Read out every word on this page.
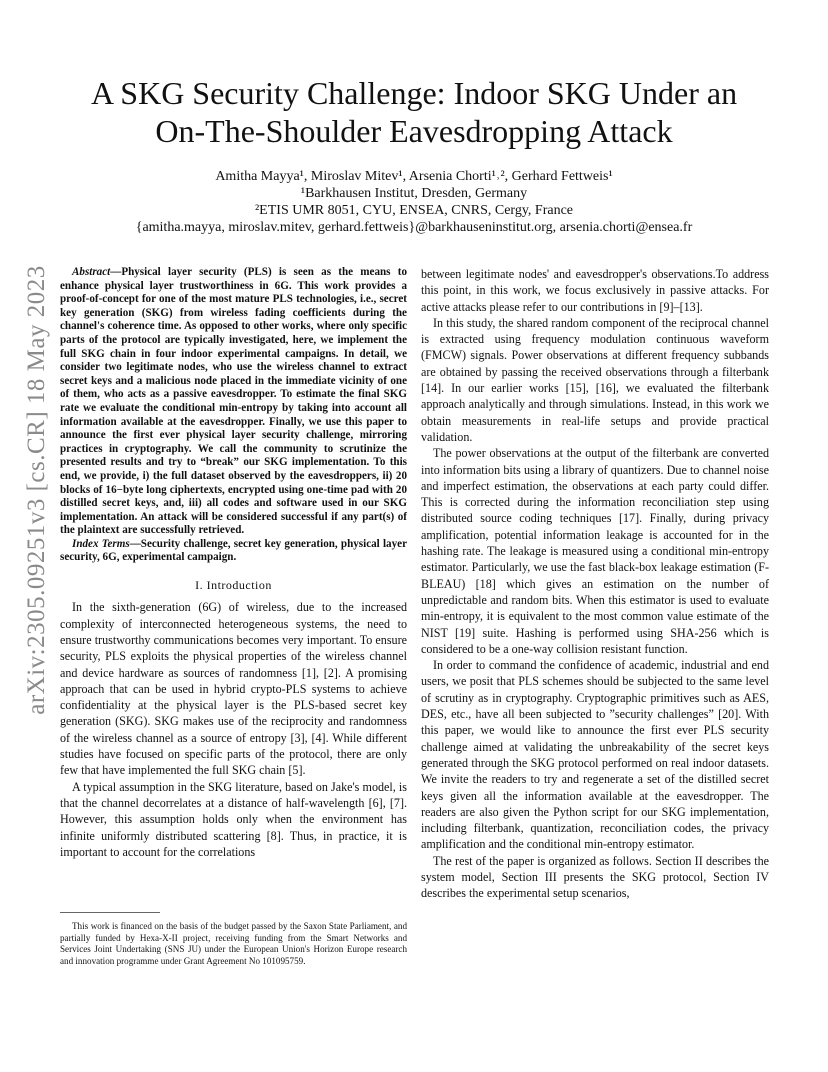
arXiv:2305.09251v3 [cs.CR] 18 May 2023
A SKG Security Challenge: Indoor SKG Under an
On-The-Shoulder Eavesdropping Attack
Amitha Mayya¹, Miroslav Mitev¹, Arsenia Chorti¹˒², Gerhard Fettweis¹
¹Barkhausen Institut, Dresden, Germany
²ETIS UMR 8051, CYU, ENSEA, CNRS, Cergy, France
{amitha.mayya, miroslav.mitev, gerhard.fettweis}@barkhauseninstitut.org, arsenia.chorti@ensea.fr

Abstract—Physical layer security (PLS) is seen as the means to enhance physical layer trustworthiness in 6G. This work provides a proof-of-concept for one of the most mature PLS technologies, i.e., secret key generation (SKG) from wireless fading coefficients during the channel's coherence time. As opposed to other works, where only specific parts of the protocol are typically investigated, here, we implement the full SKG chain in four indoor experimental campaigns. In detail, we consider two legitimate nodes, who use the wireless channel to extract secret keys and a malicious node placed in the immediate vicinity of one of them, who acts as a passive eavesdropper. To estimate the final SKG rate we evaluate the conditional min-entropy by taking into account all information available at the eavesdropper. Finally, we use this paper to announce the first ever physical layer security challenge, mirroring practices in cryptography. We call the community to scrutinize the presented results and try to “break” our SKG implementation. To this end, we provide, i) the full dataset observed by the eavesdroppers, ii) 20 blocks of 16−byte long ciphertexts, encrypted using one-time pad with 20 distilled secret keys, and, iii) all codes and software used in our SKG implementation. An attack will be considered successful if any part(s) of the plaintext are successfully retrieved.

Index Terms—Security challenge, secret key generation, physical layer security, 6G, experimental campaign.

I. Introduction

In the sixth-generation (6G) of wireless, due to the increased complexity of interconnected heterogeneous systems, the need to ensure trustworthy communications becomes very important. To ensure security, PLS exploits the physical properties of the wireless channel and device hardware as sources of randomness [1], [2]. A promising approach that can be used in hybrid crypto-PLS systems to achieve confidentiality at the physical layer is the PLS-based secret key generation (SKG). SKG makes use of the reciprocity and randomness of the wireless channel as a source of entropy [3], [4]. While different studies have focused on specific parts of the protocol, there are only few that have implemented the full SKG chain [5].

A typical assumption in the SKG literature, based on Jake's model, is that the channel decorrelates at a distance of half-wavelength [6], [7]. However, this assumption holds only when the environment has infinite uniformly distributed scattering [8]. Thus, in practice, it is important to account for the correlations

This work is financed on the basis of the budget passed by the Saxon State Parliament, and partially funded by Hexa-X-II project, receiving funding from the Smart Networks and Services Joint Undertaking (SNS JU) under the European Union's Horizon Europe research and innovation programme under Grant Agreement No 101095759.

between legitimate nodes' and eavesdropper's observations.To address this point, in this work, we focus exclusively in passive attacks. For active attacks please refer to our contributions in [9]–[13].

In this study, the shared random component of the reciprocal channel is extracted using frequency modulation continuous waveform (FMCW) signals. Power observations at different frequency subbands are obtained by passing the received observations through a filterbank [14]. In our earlier works [15], [16], we evaluated the filterbank approach analytically and through simulations. Instead, in this work we obtain measurements in real-life setups and provide practical validation.

The power observations at the output of the filterbank are converted into information bits using a library of quantizers. Due to channel noise and imperfect estimation, the observations at each party could differ. This is corrected during the information reconciliation step using distributed source coding techniques [17]. Finally, during privacy amplification, potential information leakage is accounted for in the hashing rate. The leakage is measured using a conditional min-entropy estimator. Particularly, we use the fast black-box leakage estimation (F-BLEAU) [18] which gives an estimation on the number of unpredictable and random bits. When this estimator is used to evaluate min-entropy, it is equivalent to the most common value estimate of the NIST [19] suite. Hashing is performed using SHA-256 which is considered to be a one-way collision resistant function.

In order to command the confidence of academic, industrial and end users, we posit that PLS schemes should be subjected to the same level of scrutiny as in cryptography. Cryptographic primitives such as AES, DES, etc., have all been subjected to ”security challenges” [20]. With this paper, we would like to announce the first ever PLS security challenge aimed at validating the unbreakability of the secret keys generated through the SKG protocol performed on real indoor datasets. We invite the readers to try and regenerate a set of the distilled secret keys given all the information available at the eavesdropper. The readers are also given the Python script for our SKG implementation, including filterbank, quantization, reconciliation codes, the privacy amplification and the conditional min-entropy estimator.

The rest of the paper is organized as follows. Section II describes the system model, Section III presents the SKG protocol, Section IV describes the experimental setup scenarios,
